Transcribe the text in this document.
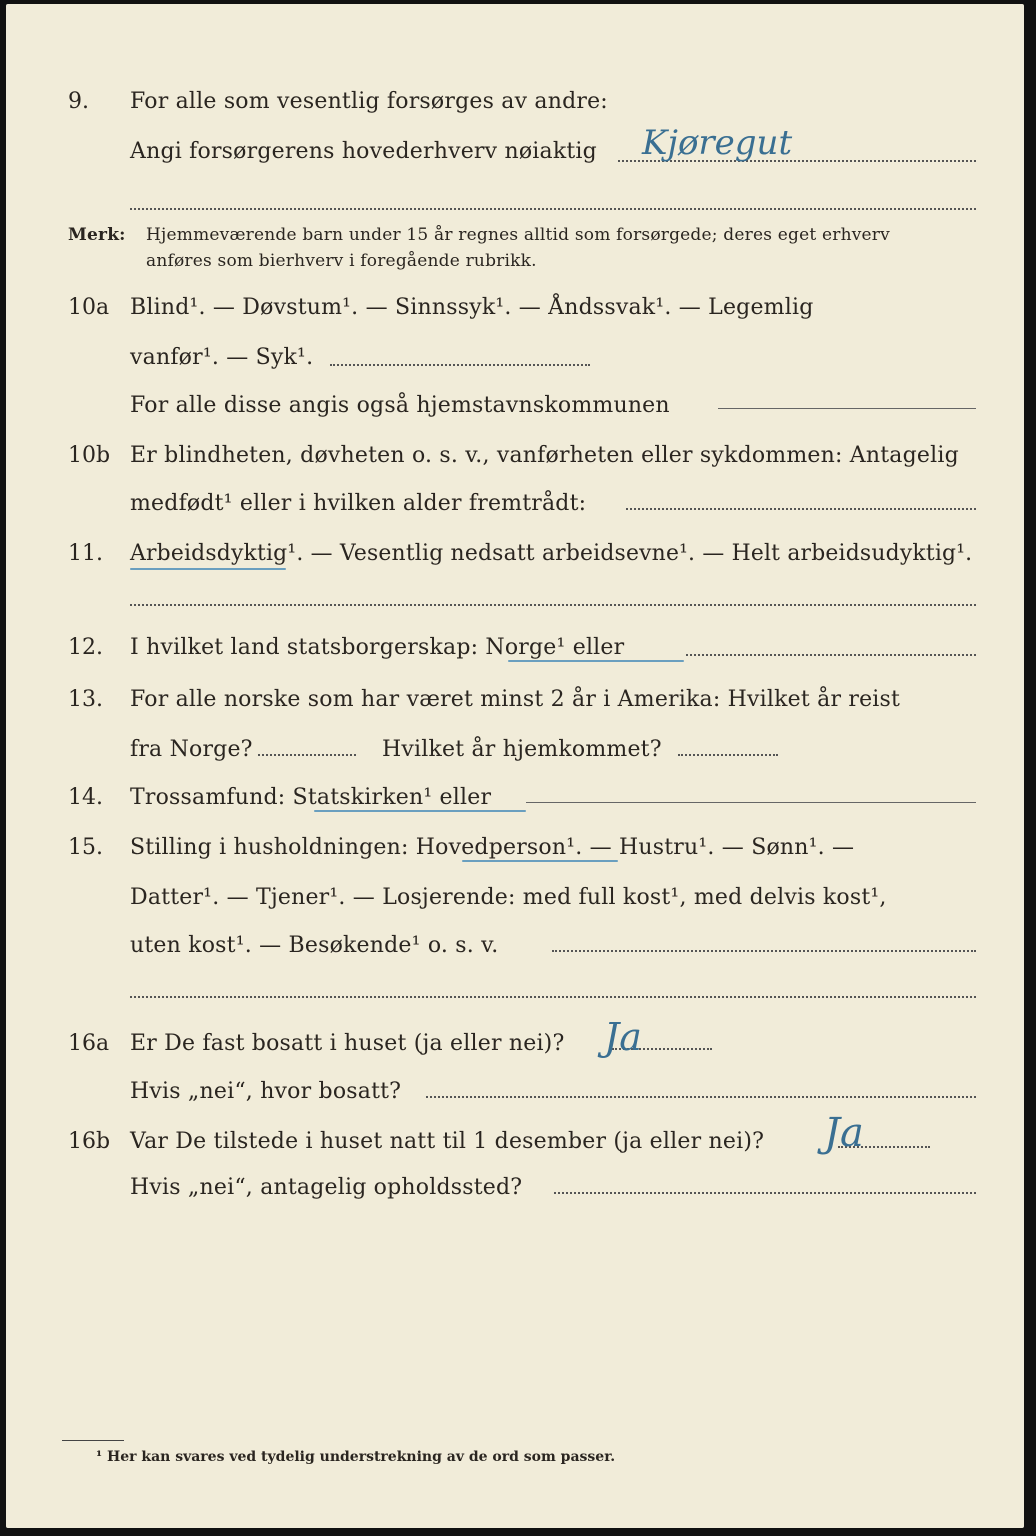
9. For alle som vesentlig forsørges av andre:
Angi forsørgerens hovederhverv nøiaktig Kjøregut
Merk: Hjemmeværende barn under 15 år regnes alltid som forsørgede; deres eget erhverv
anføres som bierhverv i foregående rubrikk.
10a Blind¹. — Døvstum¹. — Sinnssyk¹. — Åndssvak¹. — Legemlig
vanfør¹. — Syk¹.
For alle disse angis også hjemstavnskommunen
10b Er blindheten, døvheten o. s. v., vanførheten eller sykdommen: Antagelig
medfødt¹ eller i hvilken alder fremtrådt:
11. Arbeidsdyktig¹. — Vesentlig nedsatt arbeidsevne¹. — Helt arbeidsudyktig¹.
12. I hvilket land statsborgerskap: Norge¹ eller
13. For alle norske som har været minst 2 år i Amerika: Hvilket år reist
fra Norge?	Hvilket år hjemkommet?
14. Trossamfund: Statskirken¹ eller
15. Stilling i husholdningen: Hovedperson¹. — Hustru¹. — Sønn¹. —
Datter¹. — Tjener¹. — Losjerende: med full kost¹, med delvis kost¹,
uten kost¹. — Besøkende¹ o. s. v.
16a Er De fast bosatt i huset (ja eller nei)? Ja
Hvis „nei“, hvor bosatt?
16b Var De tilstede i huset natt til 1 desember (ja eller nei)? Ja
Hvis „nei“, antagelig opholdssted?
¹ Her kan svares ved tydelig understrekning av de ord som passer.
